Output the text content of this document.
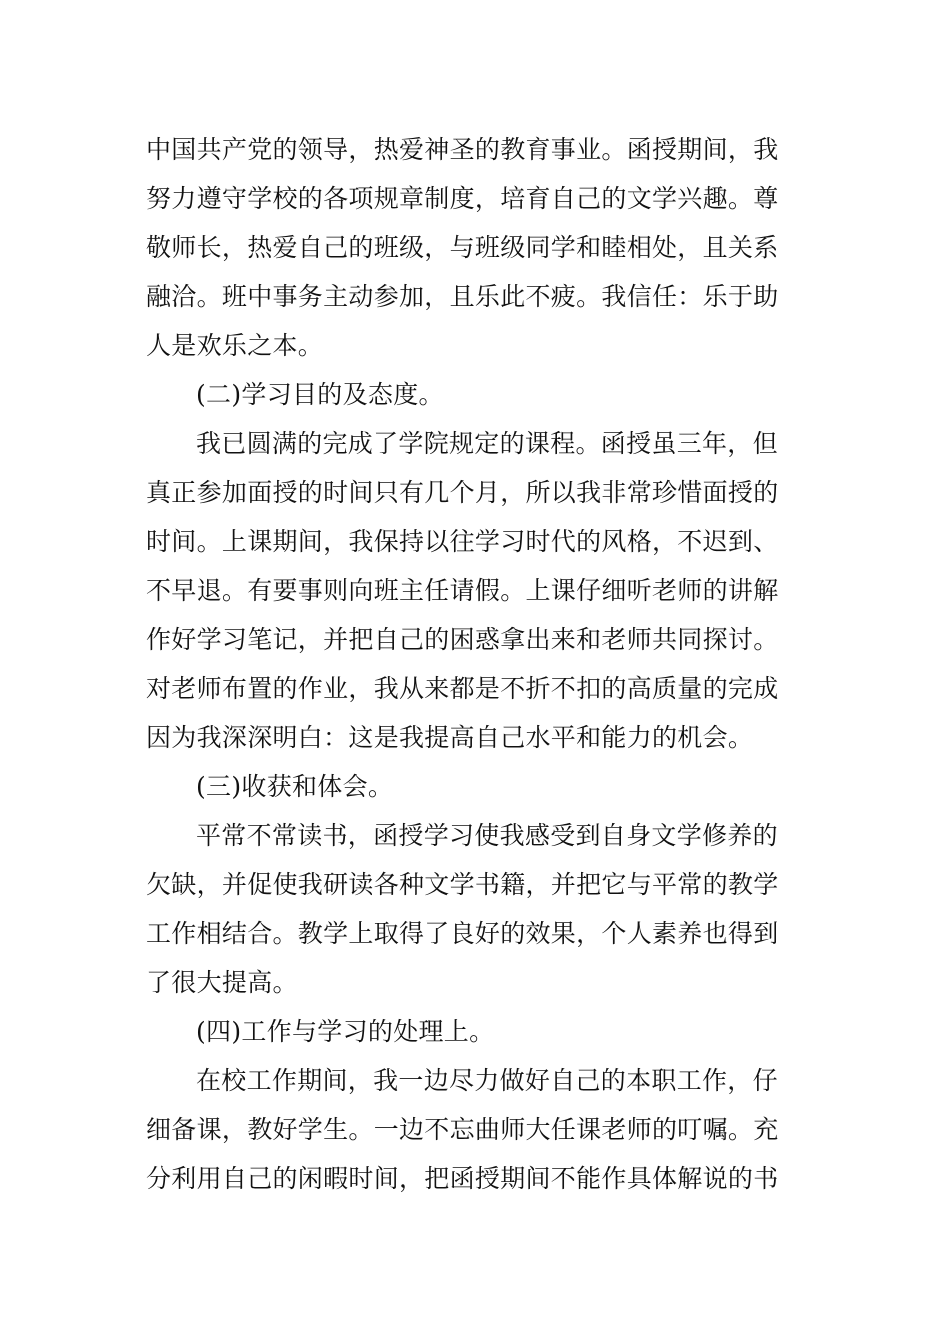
中国共产党的领导，热爱神圣的教育事业。函授期间，我
努力遵守学校的各项规章制度，培育自己的文学兴趣。尊
敬师长，热爱自己的班级，与班级同学和睦相处，且关系
融洽。班中事务主动参加，且乐此不疲。我信任：乐于助
人是欢乐之本。
(二)学习目的及态度。
我已圆满的完成了学院规定的课程。函授虽三年，但
真正参加面授的时间只有几个月，所以我非常珍惜面授的
时间。上课期间，我保持以往学习时代的风格，不迟到、
不早退。有要事则向班主任请假。上课仔细听老师的讲解
作好学习笔记，并把自己的困惑拿出来和老师共同探讨。
对老师布置的作业，我从来都是不折不扣的高质量的完成
因为我深深明白：这是我提高自己水平和能力的机会。
(三)收获和体会。
平常不常读书，函授学习使我感受到自身文学修养的
欠缺，并促使我研读各种文学书籍，并把它与平常的教学
工作相结合。教学上取得了良好的效果，个人素养也得到
了很大提高。
(四)工作与学习的处理上。
在校工作期间，我一边尽力做好自己的本职工作，仔
细备课，教好学生。一边不忘曲师大任课老师的叮嘱。充
分利用自己的闲暇时间，把函授期间不能作具体解说的书
